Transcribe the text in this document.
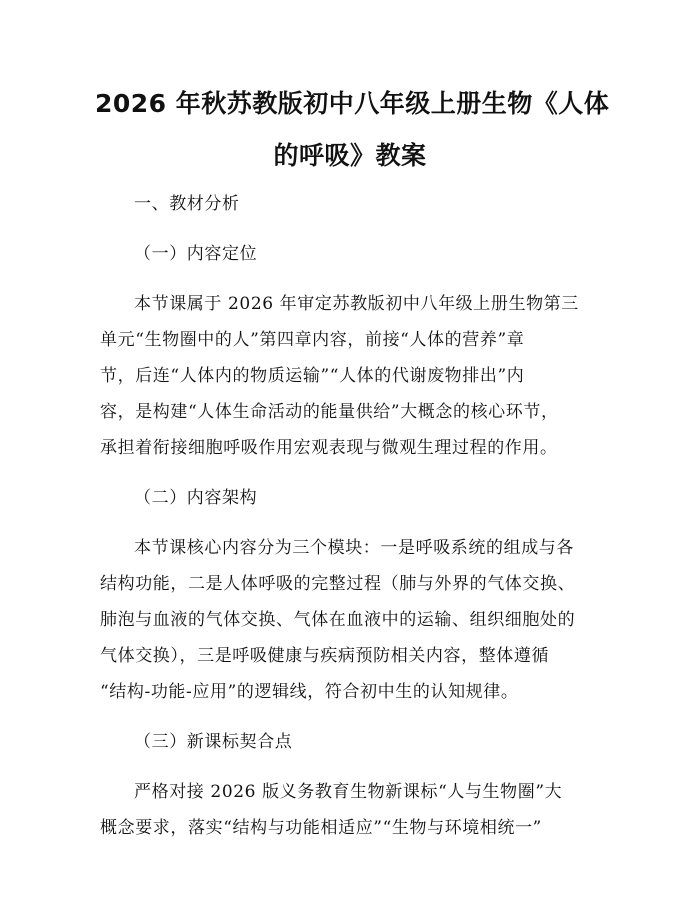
2026 年秋苏教版初中八年级上册生物《人体
的呼吸》教案
一、教材分析
（一）内容定位
本节课属于 2026 年审定苏教版初中八年级上册生物第三
单元“生物圈中的人”第四章内容，前接“人体的营养”章
节，后连“人体内的物质运输”“人体的代谢废物排出”内
容，是构建“人体生命活动的能量供给”大概念的核心环节，
承担着衔接细胞呼吸作用宏观表现与微观生理过程的作用。
（二）内容架构
本节课核心内容分为三个模块：一是呼吸系统的组成与各
结构功能，二是人体呼吸的完整过程（肺与外界的气体交换、
肺泡与血液的气体交换、气体在血液中的运输、组织细胞处的
气体交换），三是呼吸健康与疾病预防相关内容，整体遵循
“结构-功能-应用”的逻辑线，符合初中生的认知规律。
（三）新课标契合点
严格对接 2026 版义务教育生物新课标“人与生物圈”大
概念要求，落实“结构与功能相适应”“生物与环境相统一”
